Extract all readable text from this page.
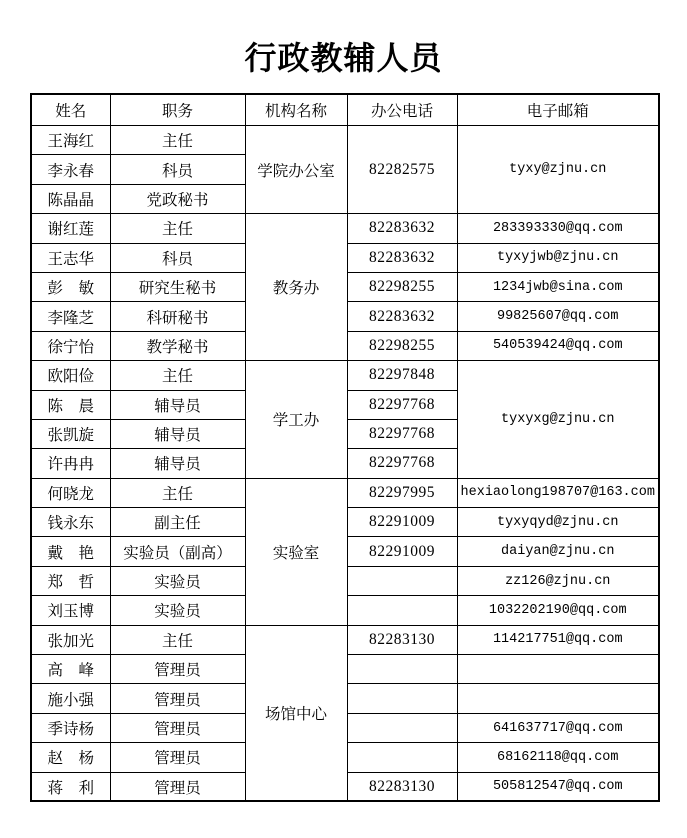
行政教辅人员
姓名	职务	机构名称	办公电话	电子邮箱
王海红	主任	学院办公室	82282575	tyxy@zjnu.cn
李永春	科员			
陈晶晶	党政秘书			
谢红莲	主任	教务办	82283632	283393330@qq.com
王志华	科员		82283632	tyxyjwb@zjnu.cn
彭　敏	研究生秘书		82298255	1234jwb@sina.com
李隆芝	科研秘书		82283632	99825607@qq.com
徐宁怡	教学秘书		82298255	540539424@qq.com
欧阳俭	主任	学工办	82297848	tyxyxg@zjnu.cn
陈　晨	辅导员		82297768	
张凯旋	辅导员		82297768	
许冉冉	辅导员		82297768	
何晓龙	主任	实验室	82297995	hexiaolong198707@163.com
钱永东	副主任		82291009	tyxyqyd@zjnu.cn
戴　艳	实验员（副高）		82291009	daiyan@zjnu.cn
郑　哲	实验员			zz126@zjnu.cn
刘玉博	实验员			1032202190@qq.com
张加光	主任	场馆中心	82283130	114217751@qq.com
高　峰	管理员			
施小强	管理员			
季诗杨	管理员			641637717@qq.com
赵　杨	管理员			68162118@qq.com
蒋　利	管理员		82283130	505812547@qq.com
